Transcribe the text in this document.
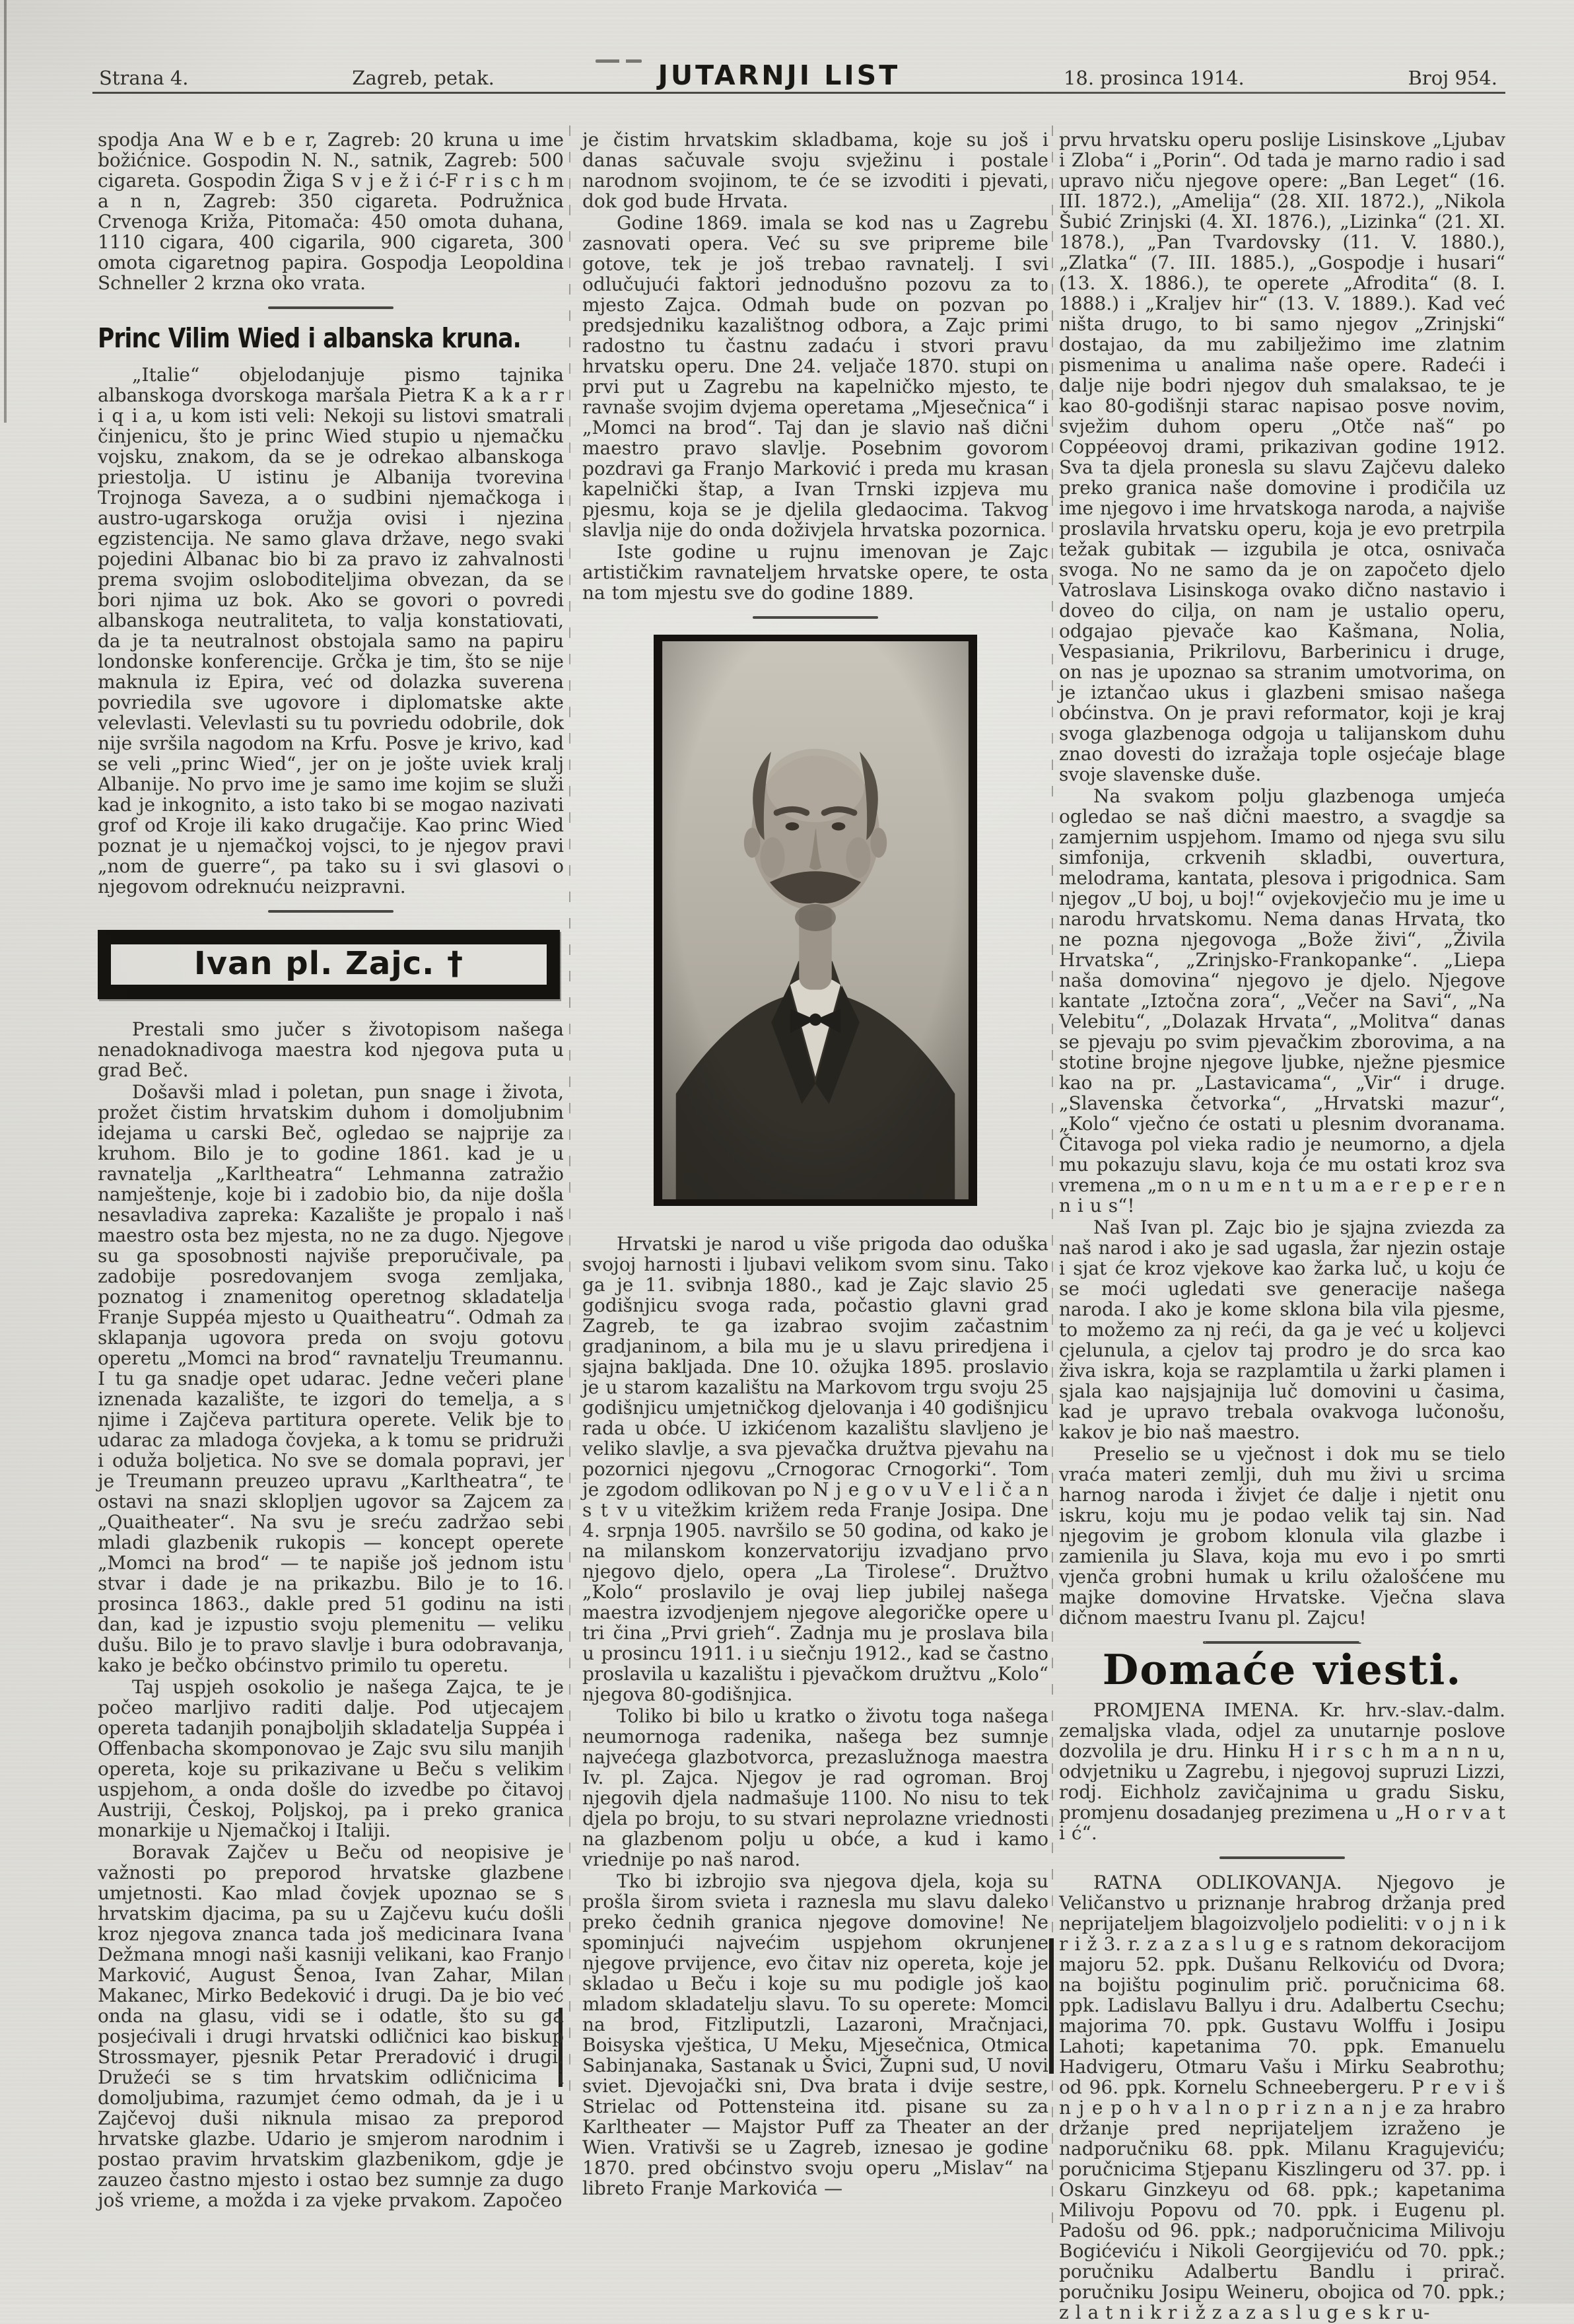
Strana 4.	Zagreb, petak.	JUTARNJI LIST	18. prosinca 1914.	Broj 954.

spodja Ana W e b e r, Zagreb: 20 kruna u ime božićnice. Gospodin N. N., satnik, Zagreb: 500 cigareta. Gospodin Žiga S v j e ž i ć-F r i s c h m a n n, Zagreb: 350 cigareta. Podružnica Crvenoga Križa, Pitomača: 450 omota duhana, 1110 cigara, 400 cigarila, 900 cigareta, 300 omota cigaretnog papira. Gospodja Leopoldina Schneller 2 krzna oko vrata.

Princ Vilim Wied i albanska kruna.

„Italie“ objelodanjuje pismo tajnika albanskoga dvorskoga maršala Pietra K a k a r r i q i a, u kom isti veli: Nekoji su listovi smatrali činjenicu, što je princ Wied stupio u njemačku vojsku, znakom, da se je odrekao albanskoga priestolja. U istinu je Albanija tvorevina Trojnoga Saveza, a o sudbini njemačkoga i austro-ugarskoga oružja ovisi i njezina egzistencija. Ne samo glava države, nego svaki pojedini Albanac bio bi za pravo iz zahvalnosti prema svojim osloboditeljima obvezan, da se bori njima uz bok. Ako se govori o povredi albanskoga neutraliteta, to valja konstatiovati, da je ta neutralnost obstojala samo na papiru londonske konferencije. Grčka je tim, što se nije maknula iz Epira, već od dolazka suverena povriedila sve ugovore i diplomatske akte velevlasti. Velevlasti su tu povriedu odobrile, dok nije svršila nagodom na Krfu. Posve je krivo, kad se veli „princ Wied“, jer on je jošte uviek kralj Albanije. No prvo ime je samo ime kojim se služi kad je inkognito, a isto tako bi se mogao nazivati grof od Kroje ili kako drugačije. Kao princ Wied poznat je u njemačkoj vojsci, to je njegov pravi „nom de guerre“, pa tako su i svi glasovi o njegovom odreknuću neizpravni.

Ivan pl. Zajc. †

Prestali smo jučer s životopisom našega nenadoknadivoga maestra kod njegova puta u grad Beč.

Došavši mlad i poletan, pun snage i života, prožet čistim hrvatskim duhom i domoljubnim idejama u carski Beč, ogledao se najprije za kruhom. Bilo je to godine 1861. kad je u ravnatelja „Karltheatra“ Lehmanna zatražio namještenje, koje bi i zadobio bio, da nije došla nesavladiva zapreka: Kazalište je propalo i naš maestro osta bez mjesta, no ne za dugo. Njegove su ga sposobnosti najviše preporučivale, pa zadobije posredovanjem svoga zemljaka, poznatog i znamenitog operetnog skladatelja Franje Suppéa mjesto u Quaitheatru“. Odmah za sklapanja ugovora preda on svoju gotovu operetu „Momci na brod“ ravnatelju Treumannu. I tu ga snadje opet udarac. Jedne večeri plane iznenada kazalište, te izgori do temelja, a s njime i Zajčeva partitura operete. Velik bje to udarac za mladoga čovjeka, a k tomu se pridruži i oduža boljetica. No sve se domala popravi, jer je Treumann preuzeo upravu „Karltheatra“, te ostavi na snazi sklopljen ugovor sa Zajcem za „Quaitheater“. Na svu je sreću zadržao sebi mladi glazbenik rukopis — koncept operete „Momci na brod“ — te napiše još jednom istu stvar i dade je na prikazbu. Bilo je to 16. prosinca 1863., dakle pred 51 godinu na isti dan, kad je izpustio svoju plemenitu — veliku dušu. Bilo je to pravo slavlje i bura odobravanja, kako je bečko obćinstvo primilo tu operetu.

Taj uspjeh osokolio je našega Zajca, te je počeo marljivo raditi dalje. Pod utjecajem opereta tadanjih ponajboljih skladatelja Suppéa i Offenbacha skomponovao je Zajc svu silu manjih opereta, koje su prikazivane u Beču s velikim uspjehom, a onda došle do izvedbe po čitavoj Austriji, Českoj, Poljskoj, pa i preko granica monarkije u Njemačkoj i Italiji.

Boravak Zajčev u Beču od neopisive je važnosti po preporod hrvatske glazbene umjetnosti. Kao mlad čovjek upoznao se s hrvatskim djacima, pa su u Zajčevu kuću došli kroz njegova znanca tada još medicinara Ivana Dežmana mnogi naši kasniji velikani, kao Franjo Marković, August Šenoa, Ivan Zahar, Milan Makanec, Mirko Bedeković i drugi. Da je bio već onda na glasu, vidi se i odatle, što su ga posjećivali i drugi hrvatski odličnici kao biskup Strossmayer, pjesnik Petar Preradović i drugi. Družeći se s tim hrvatskim odličnicima i domoljubima, razumjet ćemo odmah, da je i u Zajčevoj duši niknula misao za preporod hrvatske glazbe. Udario je smjerom narodnim i postao pravim hrvatskim glazbenikom, gdje je zauzeo častno mjesto i ostao bez sumnje za dugo još vrieme, a možda i za vjeke prvakom. Započeo

je čistim hrvatskim skladbama, koje su još i danas sačuvale svoju svježinu i postale narodnom svojinom, te će se izvoditi i pjevati, dok god bude Hrvata.

Godine 1869. imala se kod nas u Zagrebu zasnovati opera. Već su sve pripreme bile gotove, tek je još trebao ravnatelj. I svi odlučujući faktori jednodušno pozovu za to mjesto Zajca. Odmah bude on pozvan po predsjedniku kazalištnog odbora, a Zajc primi radostno tu častnu zadaću i stvori pravu hrvatsku operu. Dne 24. veljače 1870. stupi on prvi put u Zagrebu na kapelničko mjesto, te ravnaše svojim dvjema operetama „Mjesečnica“ i „Momci na brod“. Taj dan je slavio naš dični maestro pravo slavlje. Posebnim govorom pozdravi ga Franjo Marković i preda mu krasan kapelnički štap, a Ivan Trnski izpjeva mu pjesmu, koja se je djelila gledaocima. Takvog slavlja nije do onda doživjela hrvatska pozornica.

Iste godine u rujnu imenovan je Zajc artističkim ravnateljem hrvatske opere, te osta na tom mjestu sve do godine 1889.

Hrvatski je narod u više prigoda dao oduška svojoj harnosti i ljubavi velikom svom sinu. Tako ga je 11. svibnja 1880., kad je Zajc slavio 25 godišnjicu svoga rada, počastio glavni grad Zagreb, te ga izabrao svojim začastnim gradjaninom, a bila mu je u slavu priredjena i sjajna bakljada. Dne 10. ožujka 1895. proslavio je u starom kazalištu na Markovom trgu svoju 25 godišnjicu umjetničkog djelovanja i 40 godišnjicu rada u obće. U izkićenom kazalištu slavljeno je veliko slavlje, a sva pjevačka družtva pjevahu na pozornici njegovu „Crnogorac Crnogorki“. Tom je zgodom odlikovan po N j e g o v u V e l i č a n s t v u vitežkim križem reda Franje Josipa. Dne 4. srpnja 1905. navršilo se 50 godina, od kako je na milanskom konzervatoriju izvadjano prvo njegovo djelo, opera „La Tirolese“. Družtvo „Kolo“ proslavilo je ovaj liep jubilej našega maestra izvodjenjem njegove alegoričke opere u tri čina „Prvi grieh“. Zadnja mu je proslava bila u prosincu 1911. i u siečnju 1912., kad se častno proslavila u kazalištu i pjevačkom družtvu „Kolo“ njegova 80-godišnjica.

Toliko bi bilo u kratko o životu toga našega neumornoga radenika, našega bez sumnje najvećega glazbotvorca, prezaslužnoga maestra Iv. pl. Zajca. Njegov je rad ogroman. Broj njegovih djela nadmašuje 1100. No nisu to tek djela po broju, to su stvari neprolazne vriednosti na glazbenom polju u obće, a kud i kamo vriednije po naš narod.

Tko bi izbrojio sva njegova djela, koja su prošla širom svieta i raznesla mu slavu daleko preko čednih granica njegove domovine! Ne spominjući najvećim uspjehom okrunjene njegove prvijence, evo čitav niz opereta, koje je skladao u Beču i koje su mu podigle još kao mladom skladatelju slavu. To su operete: Momci na brod, Fitzliputzli, Lazaroni, Mračnjaci, Boisyska vještica, U Meku, Mjesečnica, Otmica Sabinjanaka, Sastanak u Švici, Župni sud, U novi sviet. Djevojački sni, Dva brata i dvije sestre, Strielac od Pottensteina itd. pisane su za Karltheater — Majstor Puff za Theater an der Wien. Vrativši se u Zagreb, iznesao je godine 1870. pred obćinstvo svoju operu „Mislav“ na libreto Franje Markovića —

prvu hrvatsku operu poslije Lisinskove „Ljubav i Zloba“ i „Porin“. Od tada je marno radio i sad upravo niču njegove opere: „Ban Leget“ (16. III. 1872.), „Amelija“ (28. XII. 1872.), „Nikola Šubić Zrinjski (4. XI. 1876.), „Lizinka“ (21. XI. 1878.), „Pan Tvardovsky (11. V. 1880.), „Zlatka“ (7. III. 1885.), „Gospodje i husari“ (13. X. 1886.), te operete „Afrodita“ (8. I. 1888.) i „Kraljev hir“ (13. V. 1889.). Kad već ništa drugo, to bi samo njegov „Zrinjski“ dostajao, da mu zabilježimo ime zlatnim pismenima u analima naše opere. Radeći i dalje nije bodri njegov duh smalaksao, te je kao 80-godišnji starac napisao posve novim, svježim duhom operu „Otče naš“ po Coppéeovoj drami, prikazivan godine 1912. Sva ta djela pronesla su slavu Zajčevu daleko preko granica naše domovine i prodičila uz ime njegovo i ime hrvatskoga naroda, a najviše proslavila hrvatsku operu, koja je evo pretrpila težak gubitak — izgubila je otca, osnivača svoga. No ne samo da je on započeto djelo Vatroslava Lisinskoga ovako dično nastavio i doveo do cilja, on nam je ustalio operu, odgajao pjevače kao Kašmana, Nolia, Vespasiania, Prikrilovu, Barberinicu i druge, on nas je upoznao sa stranim umotvorima, on je iztančao ukus i glazbeni smisao našega obćinstva. On je pravi reformator, koji je kraj svoga glazbenoga odgoja u talijanskom duhu znao dovesti do izražaja tople osjećaje blage svoje slavenske duše.

Na svakom polju glazbenoga umjeća ogledao se naš dični maestro, a svagdje sa zamjernim uspjehom. Imamo od njega svu silu simfonija, crkvenih skladbi, ouvertura, melodrama, kantata, plesova i prigodnica. Sam njegov „U boj, u boj!“ ovjekovječio mu je ime u narodu hrvatskomu. Nema danas Hrvata, tko ne pozna njegovoga „Bože živi“, „Živila Hrvatska“, „Zrinjsko-Frankopanke“. „Liepa naša domovina“ njegovo je djelo. Njegove kantate „Iztočna zora“, „Večer na Savi“, „Na Velebitu“, „Dolazak Hrvata“, „Molitva“ danas se pjevaju po svim pjevačkim zborovima, a na stotine brojne njegove ljubke, nježne pjesmice kao na pr. „Lastavicama“, „Vir“ i druge. „Slavenska četvorka“, „Hrvatski mazur“, „Kolo“ vječno će ostati u plesnim dvoranama. Čitavoga pol vieka radio je neumorno, a djela mu pokazuju slavu, koja će mu ostati kroz sva vremena „m o n u m e n t u m a e r e p e r e n n i u s“!

Naš Ivan pl. Zajc bio je sjajna zviezda za naš narod i ako je sad ugasla, žar njezin ostaje i sjat će kroz vjekove kao žarka luč, u koju će se moći ugledati sve generacije našega naroda. I ako je kome sklona bila vila pjesme, to možemo za nj reći, da ga je već u koljevci cjelunula, a cjelov taj prodro je do srca kao živa iskra, koja se razplamtila u žarki plamen i sjala kao najsjajnija luč domovini u časima, kad je upravo trebala ovakvoga lučonošu, kakov je bio naš maestro.

Preselio se u vječnost i dok mu se tielo vraća materi zemlji, duh mu živi u srcima harnog naroda i živjet će dalje i njetit onu iskru, koju mu je podao velik taj sin. Nad njegovim je grobom klonula vila glazbe i zamienila ju Slava, koja mu evo i po smrti vjenča grobni humak u krilu ožalošćene mu majke domovine Hrvatske. Vječna slava dičnom maestru Ivanu pl. Zajcu!

Domaće viesti.

PROMJENA IMENA. Kr. hrv.-slav.-dalm. zemaljska vlada, odjel za unutarnje poslove dozvolila je dru. Hinku H i r s c h m a n n u, odvjetniku u Zagrebu, i njegovoj supruzi Lizzi, rodj. Eichholz zavičajnima u gradu Sisku, promjenu dosadanjeg prezimena u „H o r v a t i ć“.

RATNA ODLIKOVANJA. Njegovo je Veličanstvo u priznanje hrabrog držanja pred neprijateljem blagoizvoljelo podieliti: v o j n i k r i ž 3. r. z a z a s l u g e s ratnom dekoracijom majoru 52. ppk. Dušanu Relkoviću od Dvora; na bojištu poginulim prič. poručnicima 68. ppk. Ladislavu Ballyu i dru. Adalbertu Csechu; majorima 70. ppk. Gustavu Wolffu i Josipu Lahoti; kapetanima 70. ppk. Emanuelu Hadvigeru, Otmaru Vašu i Mirku Seabrothu; od 96. ppk. Kornelu Schneebergeru. P r e v i š n j e p o h v a l n o p r i z n a n j e za hrabro držanje pred neprijateljem izraženo je nadporučniku 68. ppk. Milanu Kragujeviću; poručnicima Stjepanu Kiszlingeru od 37. pp. i Oskaru Ginzkeyu od 68. ppk.; kapetanima Milivoju Popovu od 70. ppk. i Eugenu pl. Padošu od 96. ppk.; nadporučnicima Milivoju Bogićeviću i Nikoli Georgijeviću od 70. ppk.; poručniku Adalbertu Bandlu i prirač. poručniku Josipu Weineru, obojica od 70. ppk.; z l a t n i k r i ž z a z a s l u g e s k r u-
